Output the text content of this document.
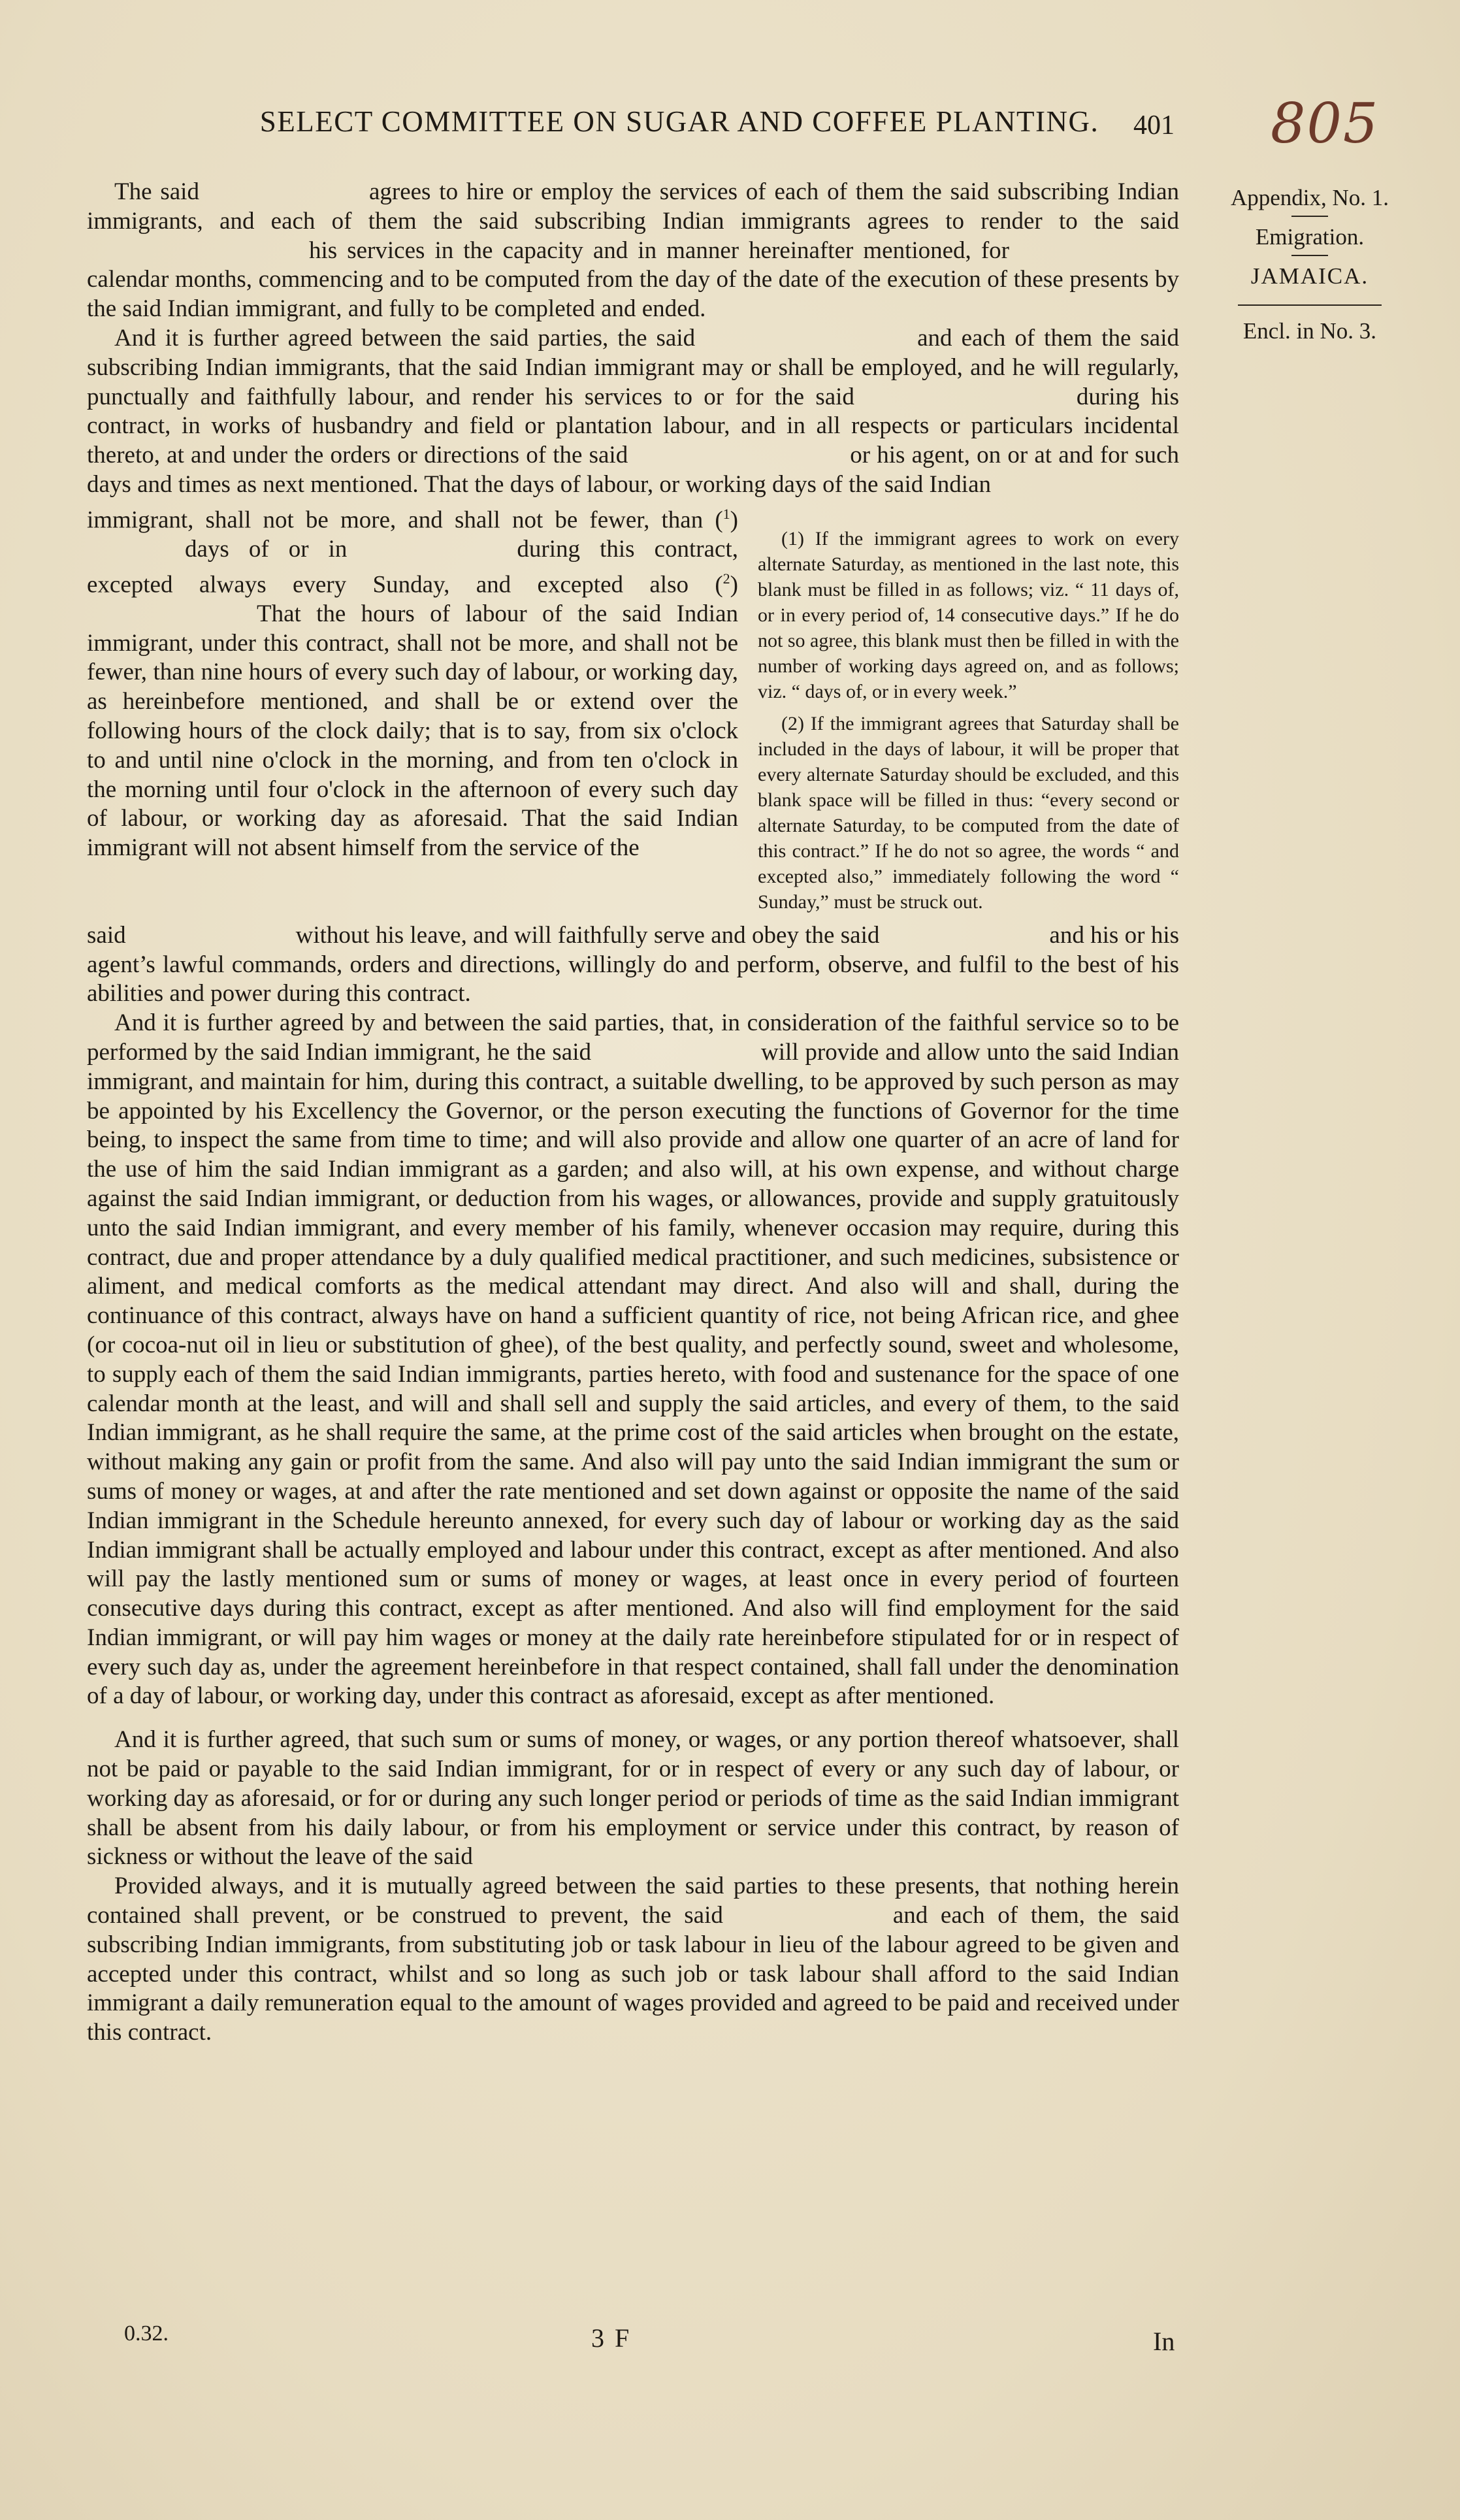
SELECT COMMITTEE ON SUGAR AND COFFEE PLANTING.	401 805
Appendix, No. 1.
Emigration.
JAMAICA.
Encl. in No. 3.

The said	agrees to hire or employ the services of each of them the said subscribing Indian immigrants, and each of them the said subscribing Indian immigrants agrees to render to the saidhis services in the capacity and in manner hereinafter mentioned, forcalendar months, commencing and to be computed from the day of the date of the execution of these presents by the said Indian immigrant, and fully to be completed and ended.

And it is further agreed between the said parties, the said	and each of them the said subscribing Indian immigrants, that the said Indian immigrant may or shall be employed, and he will regularly, punctually and faithfully labour, and render his services to or for the said	during his contract, in works of husbandry and field or plantation labour, and in all respects or particulars incidental thereto, at and under the orders or directions of the said	or his agent, on or at and for such days and times as next mentioned. That the days of labour, or working days of the said Indian

immigrant, shall not be more, and shall not be fewer, than ($^1$)days of or in	during this contract, excepted always every Sunday, and excepted also ($^2$)That the hours of labour of the said Indian immigrant, under this contract, shall not be more, and shall not be fewer, than nine hours of every such day of labour, or working day, as hereinbefore mentioned, and shall be or extend over the following hours of the clock daily; that is to say, from six o'clock to and until nine o'clock in the morning, and from ten o'clock in the morning until four o'clock in the afternoon of every such day of labour, or working day as aforesaid. That the said Indian immigrant will not absent himself from the service of the

(1) If the immigrant agrees to work on every alternate Saturday, as mentioned in the last note, this blank must be filled in as follows; viz. “ 11 days of, or in every period of, 14 consecutive days.” If he do not so agree, this blank must then be filled in with the number of working days agreed on, and as follows; viz. “ days of, or in every week.”

(2) If the immigrant agrees that Saturday shall be included in the days of labour, it will be proper that every alternate Saturday should be excluded, and this blank space will be filled in thus: “every second or alternate Saturday, to be computed from the date of this contract.” If he do not so agree, the words “ and excepted also,” immediately following the word “ Sunday,” must be struck out.

said	without his leave, and will faithfully serve and obey the said	and his or his agent’s lawful commands, orders and directions, willingly do and perform, observe, and fulfil to the best of his abilities and power during this contract.

And it is further agreed by and between the said parties, that, in consideration of the faithful service so to be performed by the said Indian immigrant, he the said	will provide and allow unto the said Indian immigrant, and maintain for him, during this contract, a suitable dwelling, to be approved by such person as may be appointed by his Excellency the Governor, or the person executing the functions of Governor for the time being, to inspect the same from time to time; and will also provide and allow one quarter of an acre of land for the use of him the said Indian immigrant as a garden; and also will, at his own expense, and without charge against the said Indian immigrant, or deduction from his wages, or allowances, provide and supply gratuitously unto the said Indian immigrant, and every member of his family, whenever occasion may require, during this contract, due and proper attendance by a duly qualified medical practitioner, and such medicines, subsistence or aliment, and medical comforts as the medical attendant may direct. And also will and shall, during the continuance of this contract, always have on hand a sufficient quantity of rice, not being African rice, and ghee (or cocoa-nut oil in lieu or substitution of ghee), of the best quality, and perfectly sound, sweet and wholesome, to supply each of them the said Indian immigrants, parties hereto, with food and sustenance for the space of one calendar month at the least, and will and shall sell and supply the said articles, and every of them, to the said Indian immigrant, as he shall require the same, at the prime cost of the said articles when brought on the estate, without making any gain or profit from the same. And also will pay unto the said Indian immigrant the sum or sums of money or wages, at and after the rate mentioned and set down against or opposite the name of the said Indian immigrant in the Schedule hereunto annexed, for every such day of labour or working day as the said Indian immigrant shall be actually employed and labour under this contract, except as after mentioned. And also will pay the lastly mentioned sum or sums of money or wages, at least once in every period of fourteen consecutive days during this contract, except as after mentioned. And also will find employment for the said Indian immigrant, or will pay him wages or money at the daily rate hereinbefore stipulated for or in respect of every such day as, under the agreement hereinbefore in that respect contained, shall fall under the denomination of a day of labour, or working day, under this contract as aforesaid, except as after mentioned.

And it is further agreed, that such sum or sums of money, or wages, or any portion thereof whatsoever, shall not be paid or payable to the said Indian immigrant, for or in respect of every or any such day of labour, or working day as aforesaid, or for or during any such longer period or periods of time as the said Indian immigrant shall be absent from his daily labour, or from his employment or service under this contract, by reason of sickness or without the leave of the said

Provided always, and it is mutually agreed between the said parties to these presents, that nothing herein contained shall prevent, or be construed to prevent, the said	and each of them, the said subscribing Indian immigrants, from substituting job or task labour in lieu of the labour agreed to be given and accepted under this contract, whilst and so long as such job or task labour shall afford to the said Indian immigrant a daily remuneration equal to the amount of wages provided and agreed to be paid and received under this contract.

0.32.	3 F	In
